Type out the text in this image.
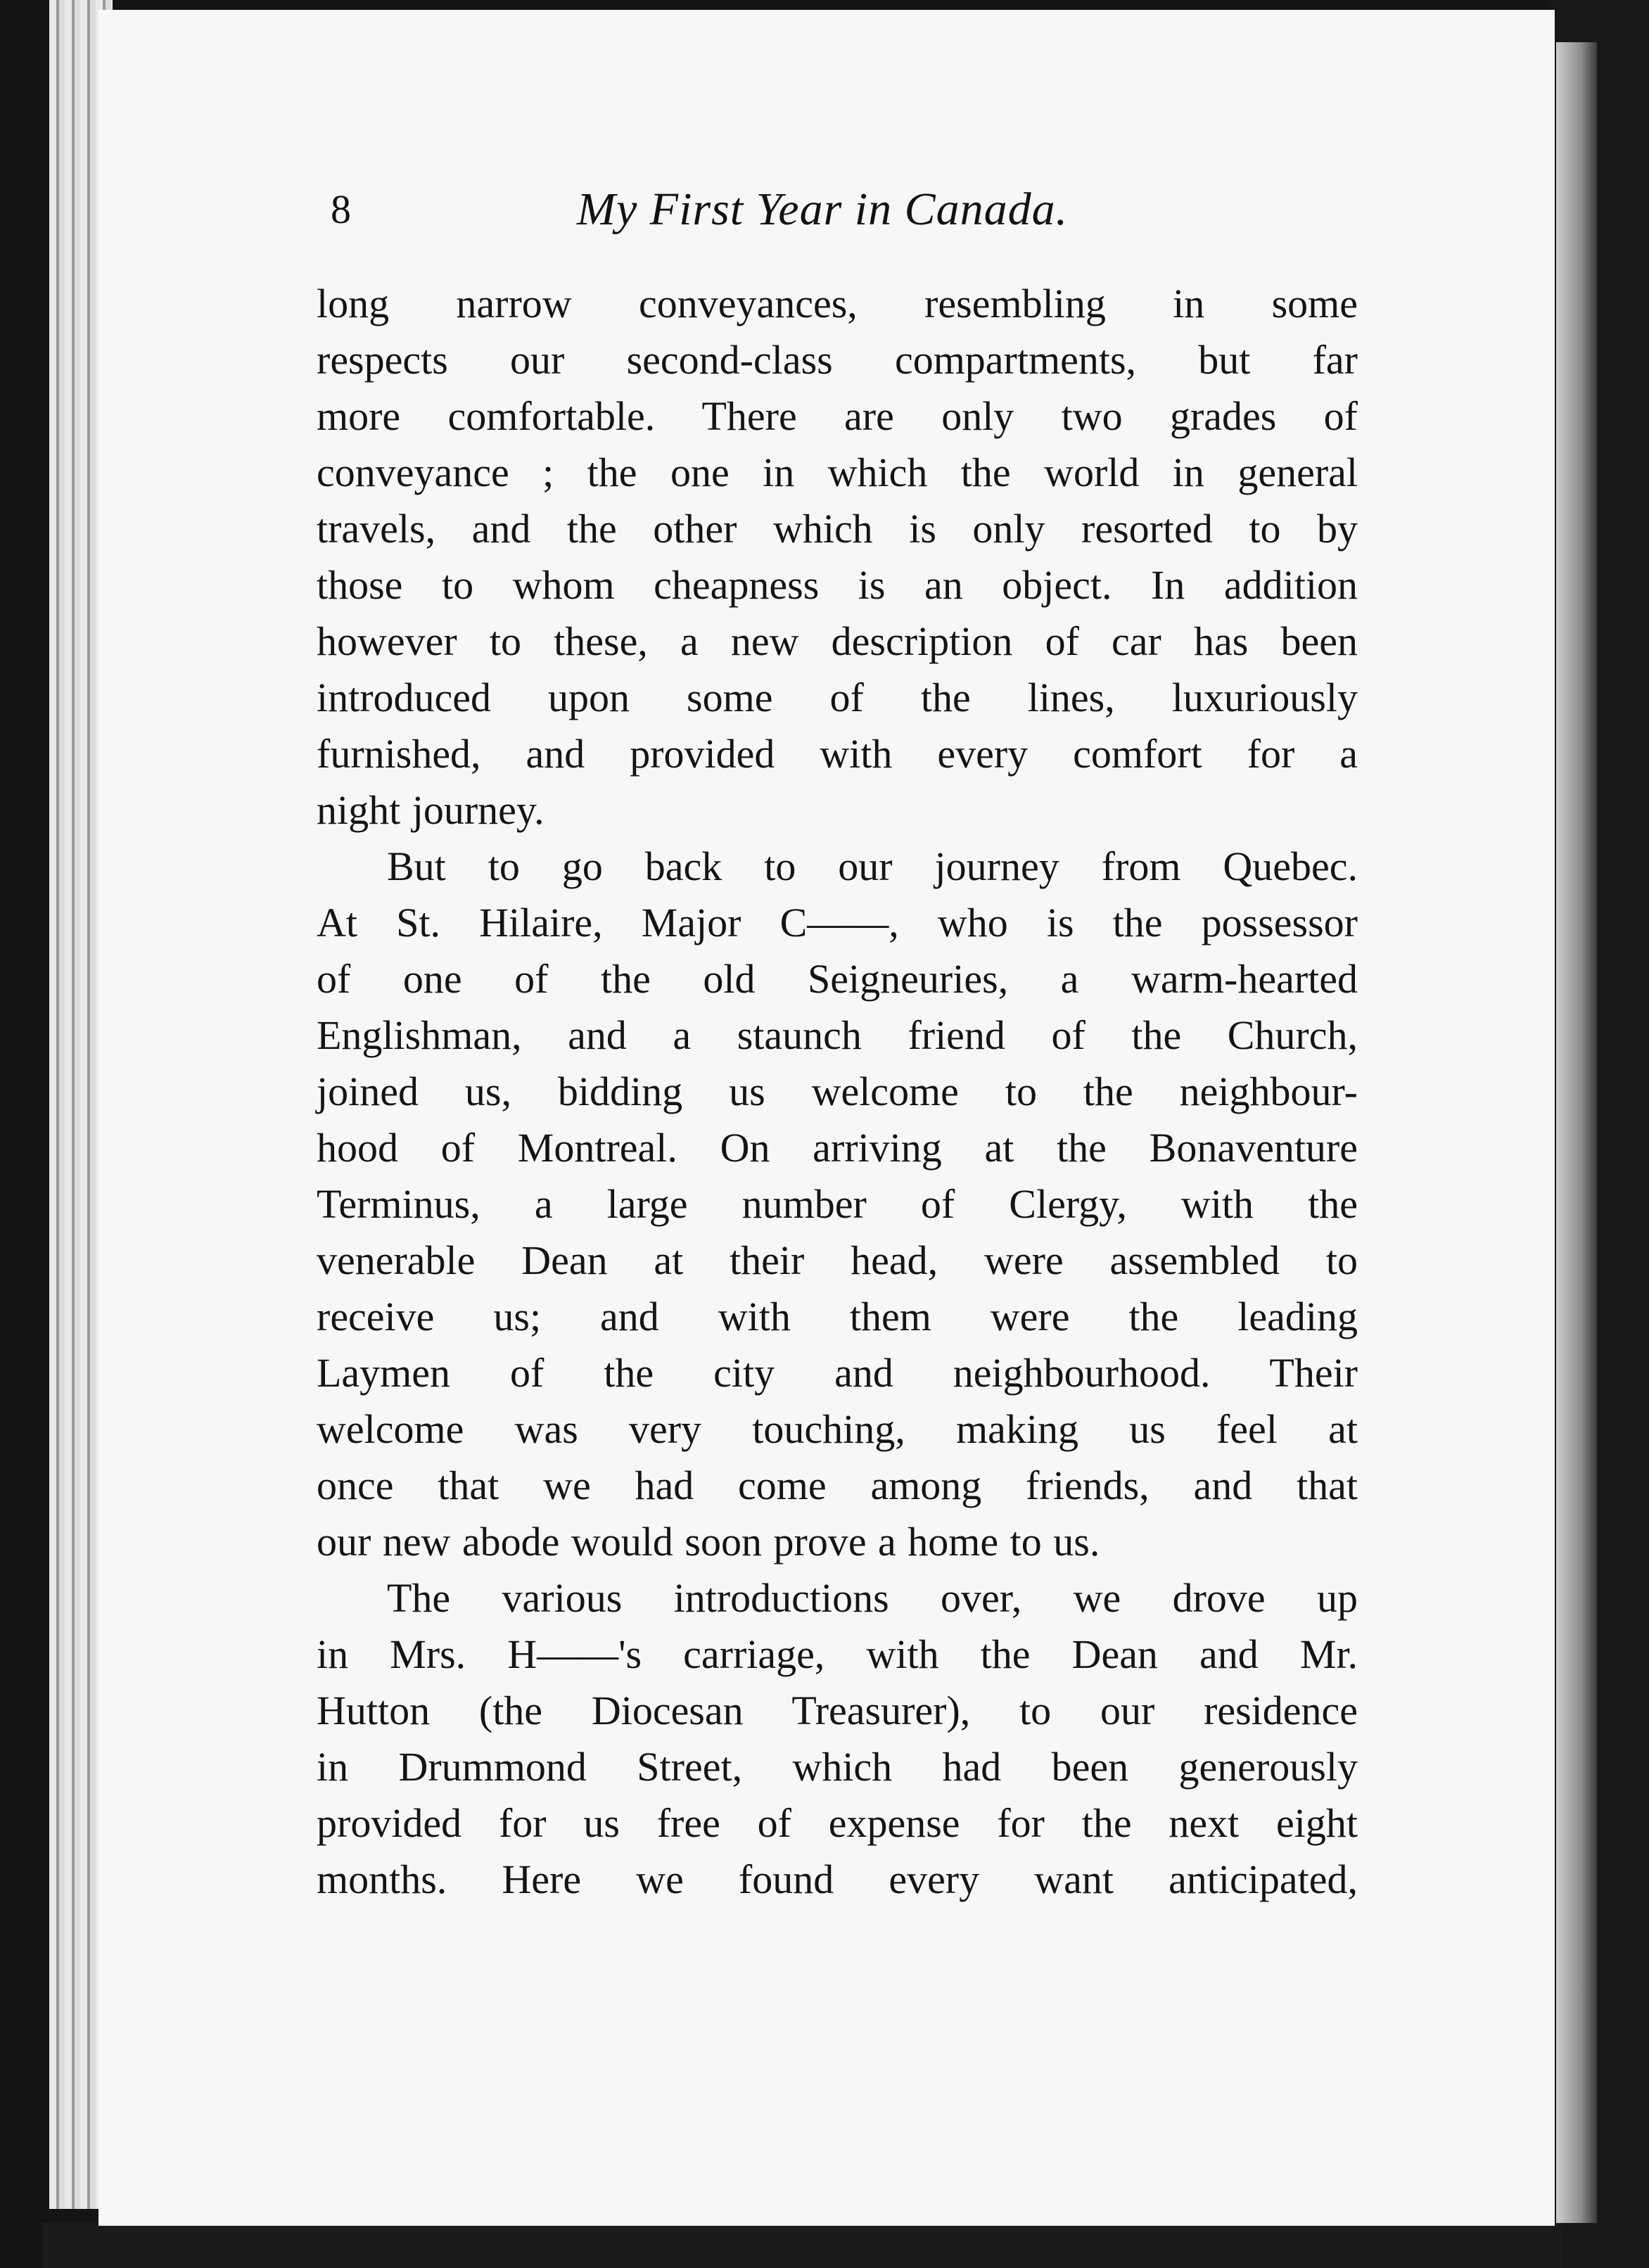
8	My First Year in Canada.
long narrow conveyances, resembling in some
respects our second-class compartments, but far
more comfortable. There are only two grades of
conveyance ; the one in which the world in general
travels, and the other which is only resorted to by
those to whom cheapness is an object. In addition
however to these, a new description of car has been
introduced upon some of the lines, luxuriously
furnished, and provided with every comfort for a
night journey.
But to go back to our journey from Quebec.
At St. Hilaire, Major C——, who is the possessor
of one of the old Seigneuries, a warm-hearted
Englishman, and a staunch friend of the Church,
joined us, bidding us welcome to the neighbour-
hood of Montreal. On arriving at the Bonaventure
Terminus, a large number of Clergy, with the
venerable Dean at their head, were assembled to
receive us; and with them were the leading
Laymen of the city and neighbourhood. Their
welcome was very touching, making us feel at
once that we had come among friends, and that
our new abode would soon prove a home to us.
The various introductions over, we drove up
in Mrs. H——'s carriage, with the Dean and Mr.
Hutton (the Diocesan Treasurer), to our residence
in Drummond Street, which had been generously
provided for us free of expense for the next eight
months. Here we found every want anticipated,
